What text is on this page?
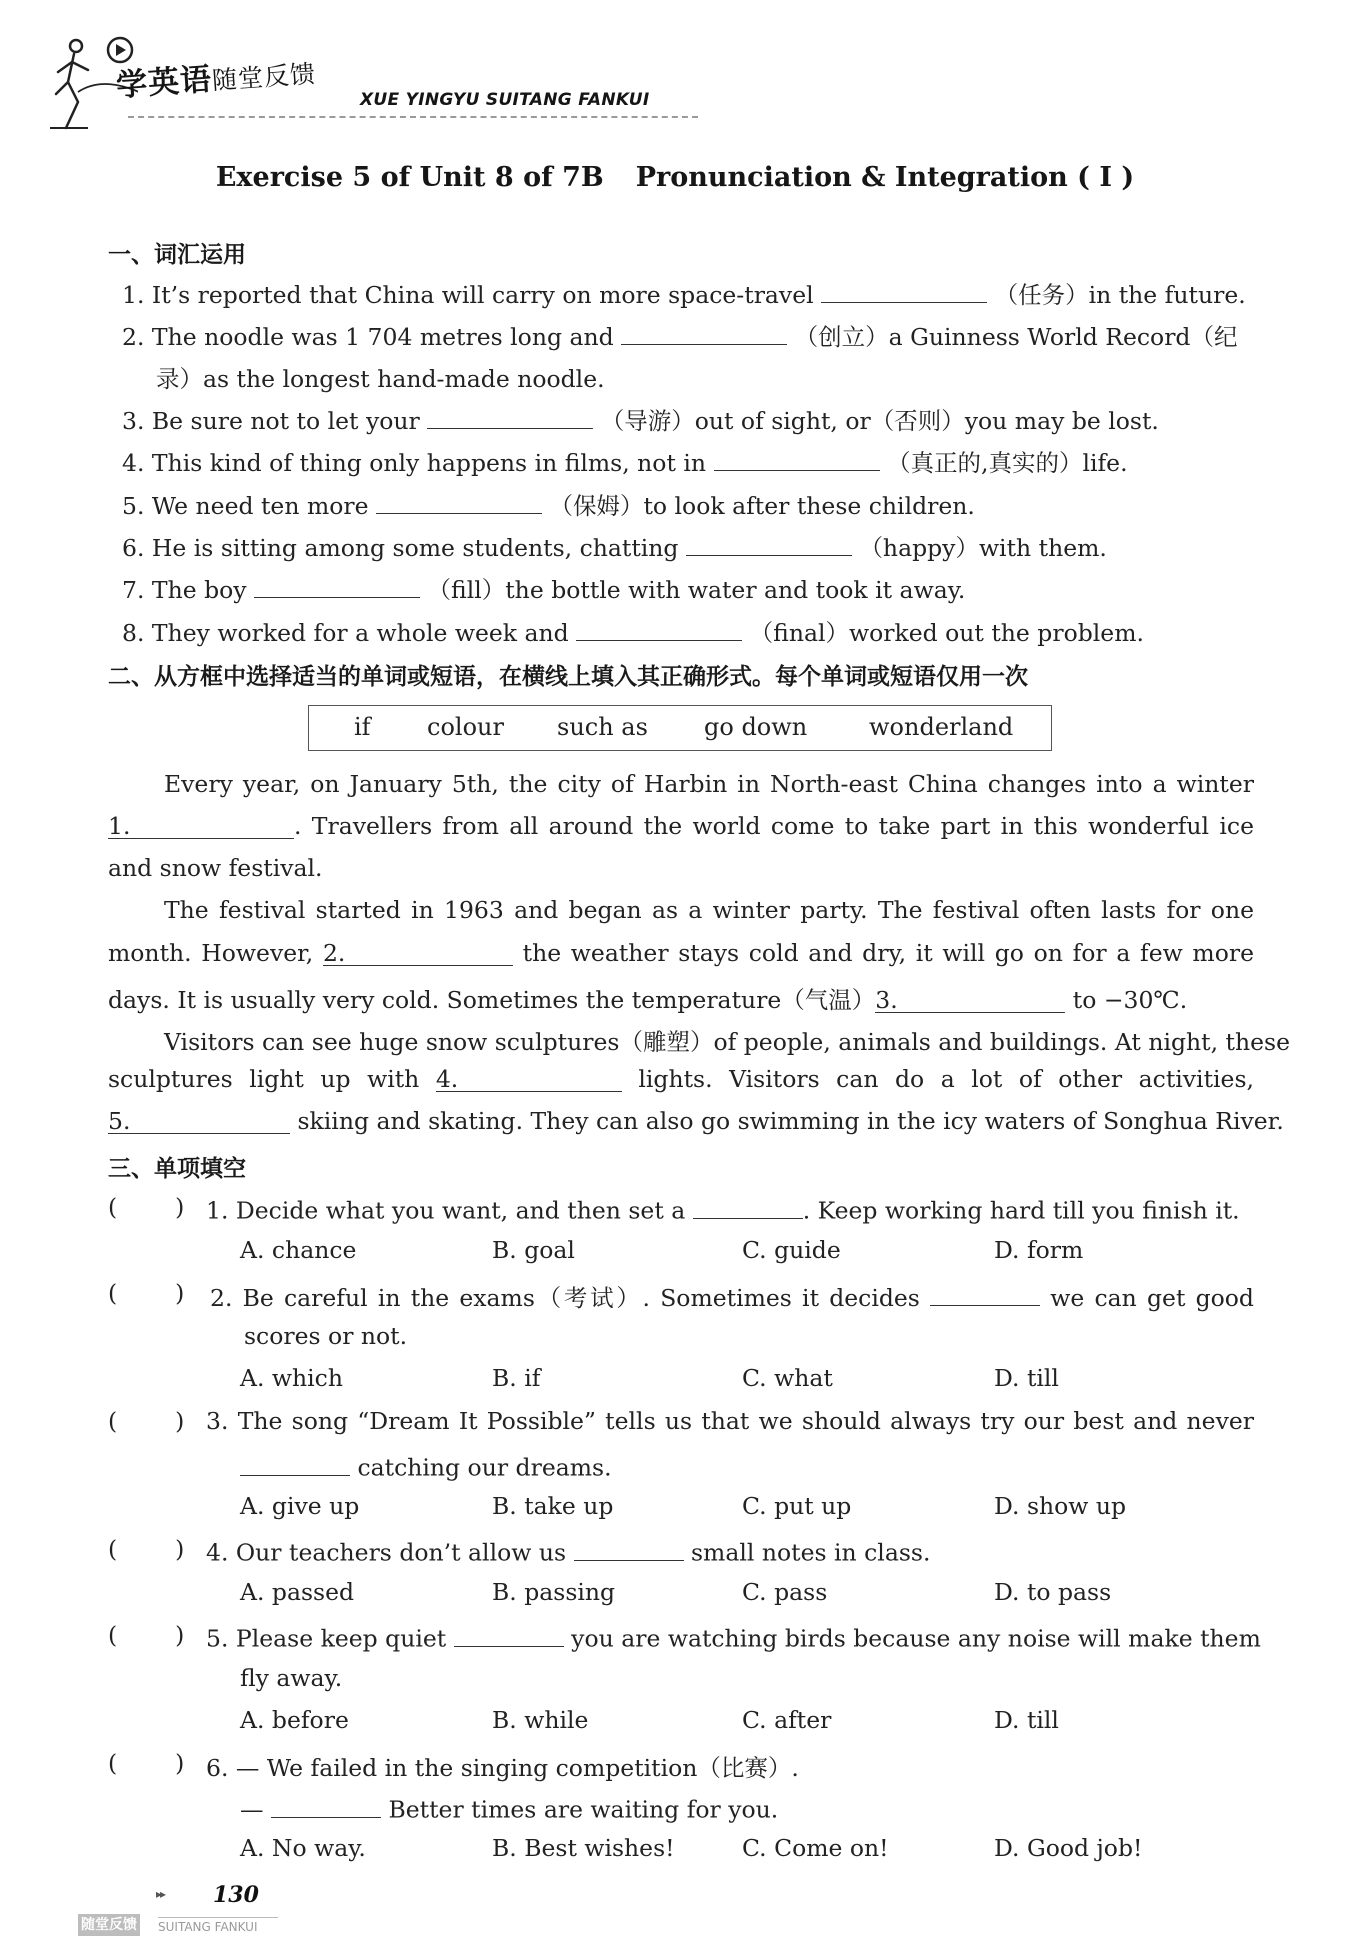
学英语随堂反馈
XUE YINGYU SUITANG FANKUI
Exercise 5 of Unit 8 of 7B Pronunciation & Integration ( Ⅰ )
一、词汇运用
1. It’s reported that China will carry on more space-travel	（任务）in the future.
2. The noodle was 1 704 metres long and	（创立）a Guinness World Record（纪
录）as the longest hand-made noodle.
3. Be sure not to let your	（导游）out of sight, or（否则）you may be lost.
4. This kind of thing only happens in films, not in	（真正的,真实的）life.
5. We need ten more	（保姆）to look after these children.
6. He is sitting among some students, chatting	（happy）with them.
7. The boy	（fill）the bottle with water and took it away.
8. They worked for a whole week and	（final）worked out the problem.
二、从方框中选择适当的单词或短语，在横线上填入其正确形式。每个单词或短语仅用一次
if colour such as go down	wonderland
Every year, on January 5th, the city of Harbin in North-east China changes into a winter
1.	. Travellers from all around the world come to take part in this wonderful ice
and snow festival.
The festival started in 1963 and began as a winter party. The festival often lasts for one
month. However, 2.	the weather stays cold and dry, it will go on for a few more
days. It is usually very cold. Sometimes the temperature（气温）3.	to −30℃.
Visitors can see huge snow sculptures（雕塑）of people, animals and buildings. At night, these
sculptures light up with 4.	lights. Visitors can do a lot of other activities,
5.	skiing and skating. They can also go swimming in the icy waters of Songhua River.
三、单项填空
( ) 1. Decide what you want, and then set a	. Keep working hard till you finish it.
A. chance	B. goal	C. guide	D. form
( ) 2. Be careful in the exams（考试）. Sometimes it decides	we can get good
scores or not.
A. which	B. if	C. what	D. till
( ) 3. The song “Dream It Possible” tells us that we should always try our best and never
catching our dreams.
A. give up	B. take up	C. put up	D. show up
( ) 4. Our teachers don’t allow us	small notes in class.
A. passed	B. passing	C. pass	D. to pass
( ) 5. Please keep quiet	you are watching birds because any noise will make them
fly away.
A. before	B. while	C. after	D. till
( ) 6. — We failed in the singing competition（比赛）.
—	Better times are waiting for you.
A. No way.	B. Best wishes!	C. Come on!	D. Good job!
▸▸ 130
随堂反馈 SUITANG FANKUI
